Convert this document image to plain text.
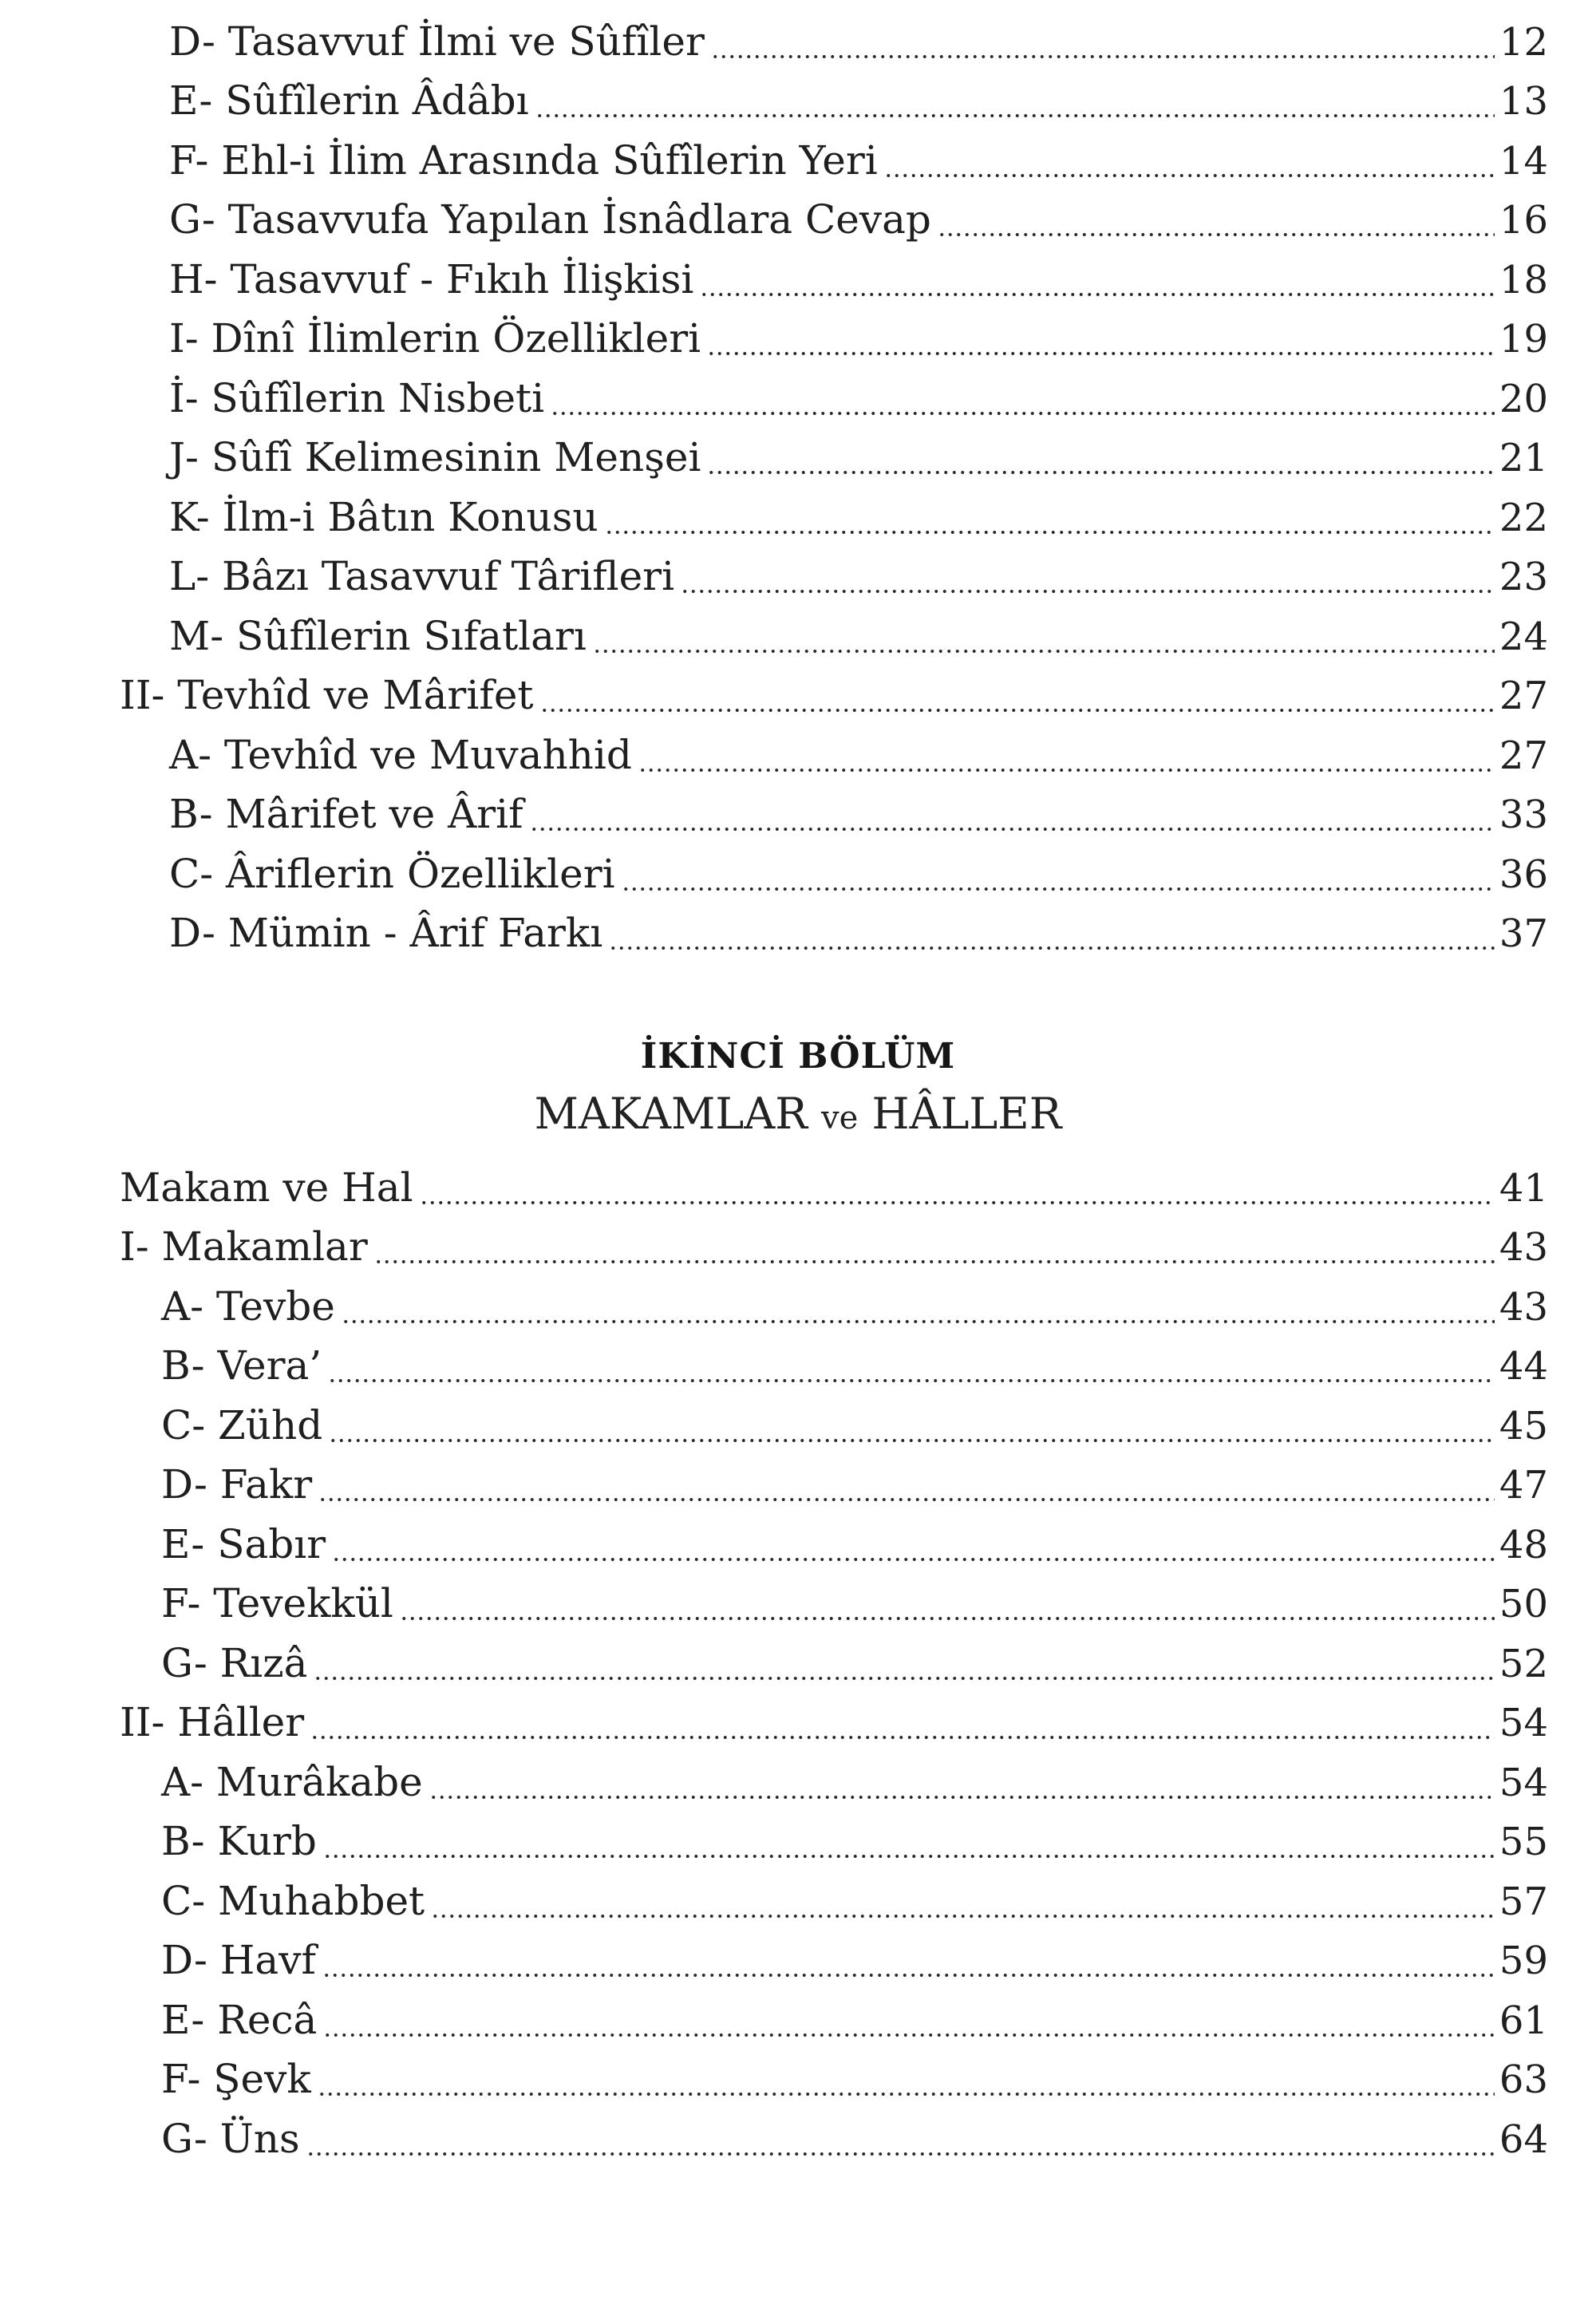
D- Tasavvuf İlmi ve Sûfîler	12
E- Sûfîlerin Âdâbı	13
F- Ehl-i İlim Arasında Sûfîlerin Yeri	14
G- Tasavvufa Yapılan İsnâdlara Cevap	16
H- Tasavvuf - Fıkıh İlişkisi	18
I- Dînî İlimlerin Özellikleri	19
İ- Sûfîlerin Nisbeti	20
J- Sûfî Kelimesinin Menşei	21
K- İlm-i Bâtın Konusu	22
L- Bâzı Tasavvuf Târifleri	23
M- Sûfîlerin Sıfatları	24
II- Tevhîd ve Mârifet	27
A- Tevhîd ve Muvahhid	27
B- Mârifet ve Ârif	33
C- Âriflerin Özellikleri	36
D- Mümin - Ârif Farkı	37
İKİNCİ BÖLÜM
MAKAMLAR ve HÂLLER
Makam ve Hal	41
I- Makamlar	43
A- Tevbe	43
B- Vera’	44
C- Zühd	45
D- Fakr	47
E- Sabır	48
F- Tevekkül	50
G- Rızâ	52
II- Hâller	54
A- Murâkabe	54
B- Kurb	55
C- Muhabbet	57
D- Havf	59
E- Recâ	61
F- Şevk	63
G- Üns	64
